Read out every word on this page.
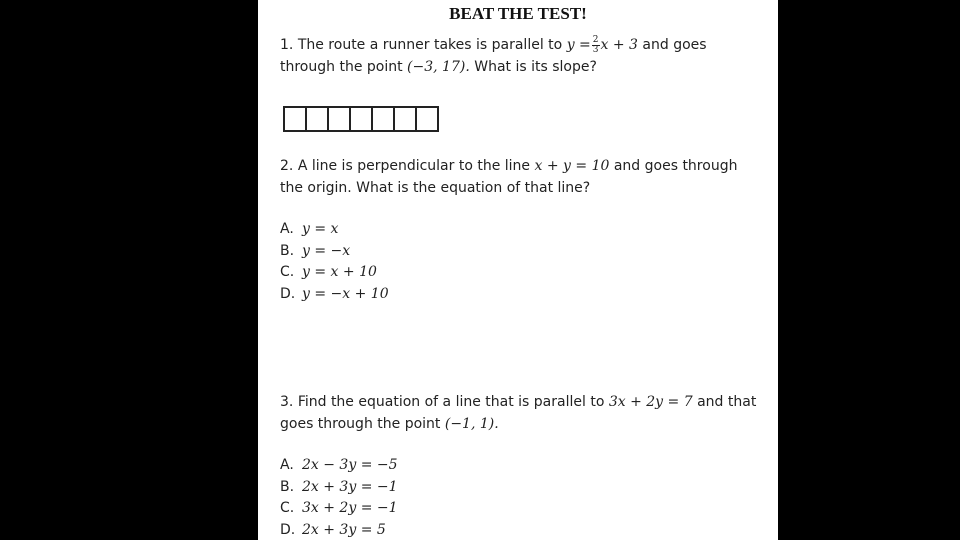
BEAT THE TEST!
1. The route a runner takes is parallel to $y = \frac{2}{3}$ x + 3 and goes
through the point (−3, 17). What is its slope?
2. A line is perpendicular to the line x + y = 10 and goes through
the origin. What is the equation of that line?
A. y = x
B. y = −x
C. y = x + 10
D. y = −x + 10
3. Find the equation of a line that is parallel to 3x + 2y = 7 and that
goes through the point (−1, 1).
A. 2x − 3y = −5
B. 2x + 3y = −1
C. 3x + 2y = −1
D. 2x + 3y = 5
